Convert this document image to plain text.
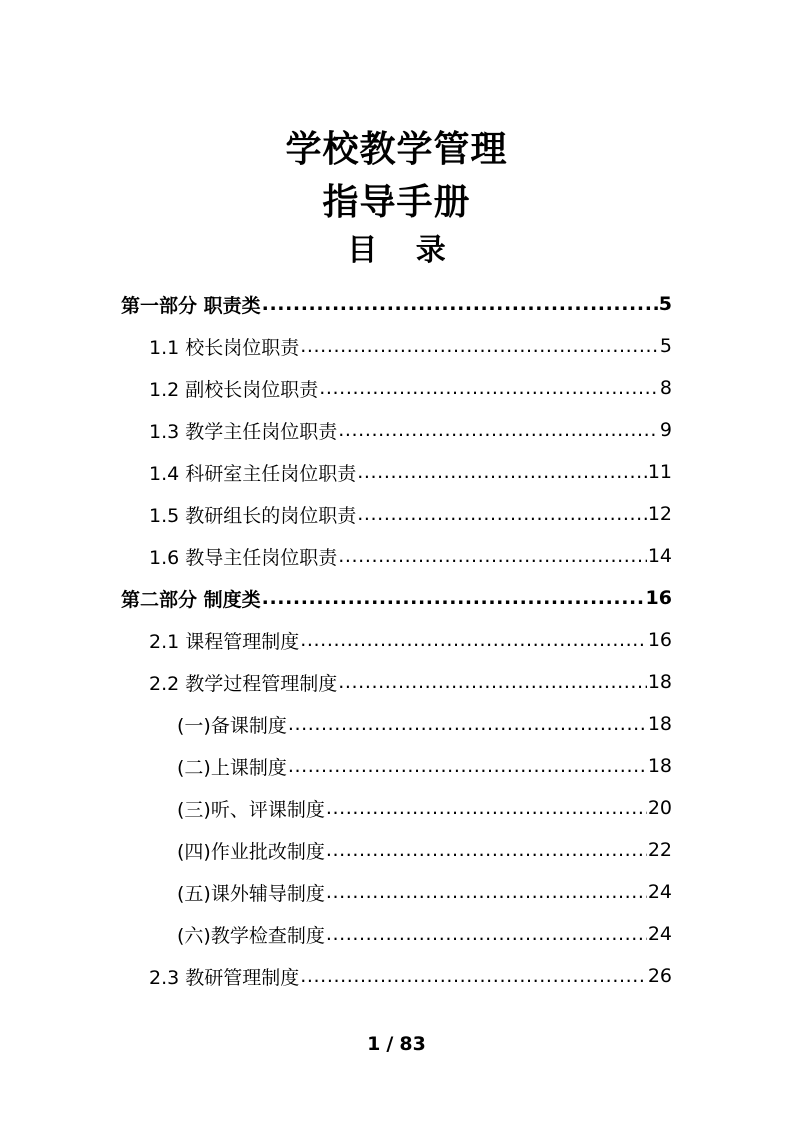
学校教学管理
指导手册
目 录
第一部分 职责类 .....	5
1.1 校长岗位职责 .....	5
1.2 副校长岗位职责 .....	8
1.3 教学主任岗位职责 .....	9
1.4 科研室主任岗位职责 .....	11
1.5 教研组长的岗位职责 .....	12
1.6 教导主任岗位职责 .....	14
第二部分 制度类 .....	16
2.1 课程管理制度 .....	16
2.2 教学过程管理制度 .....	18
(一)备课制度 .....	18
(二)上课制度 .....	18
(三)听、评课制度 .....	20
(四)作业批改制度 .....	22
(五)课外辅导制度 .....	24
(六)教学检查制度 .....	24
2.3 教研管理制度 .....	26
1 / 83
